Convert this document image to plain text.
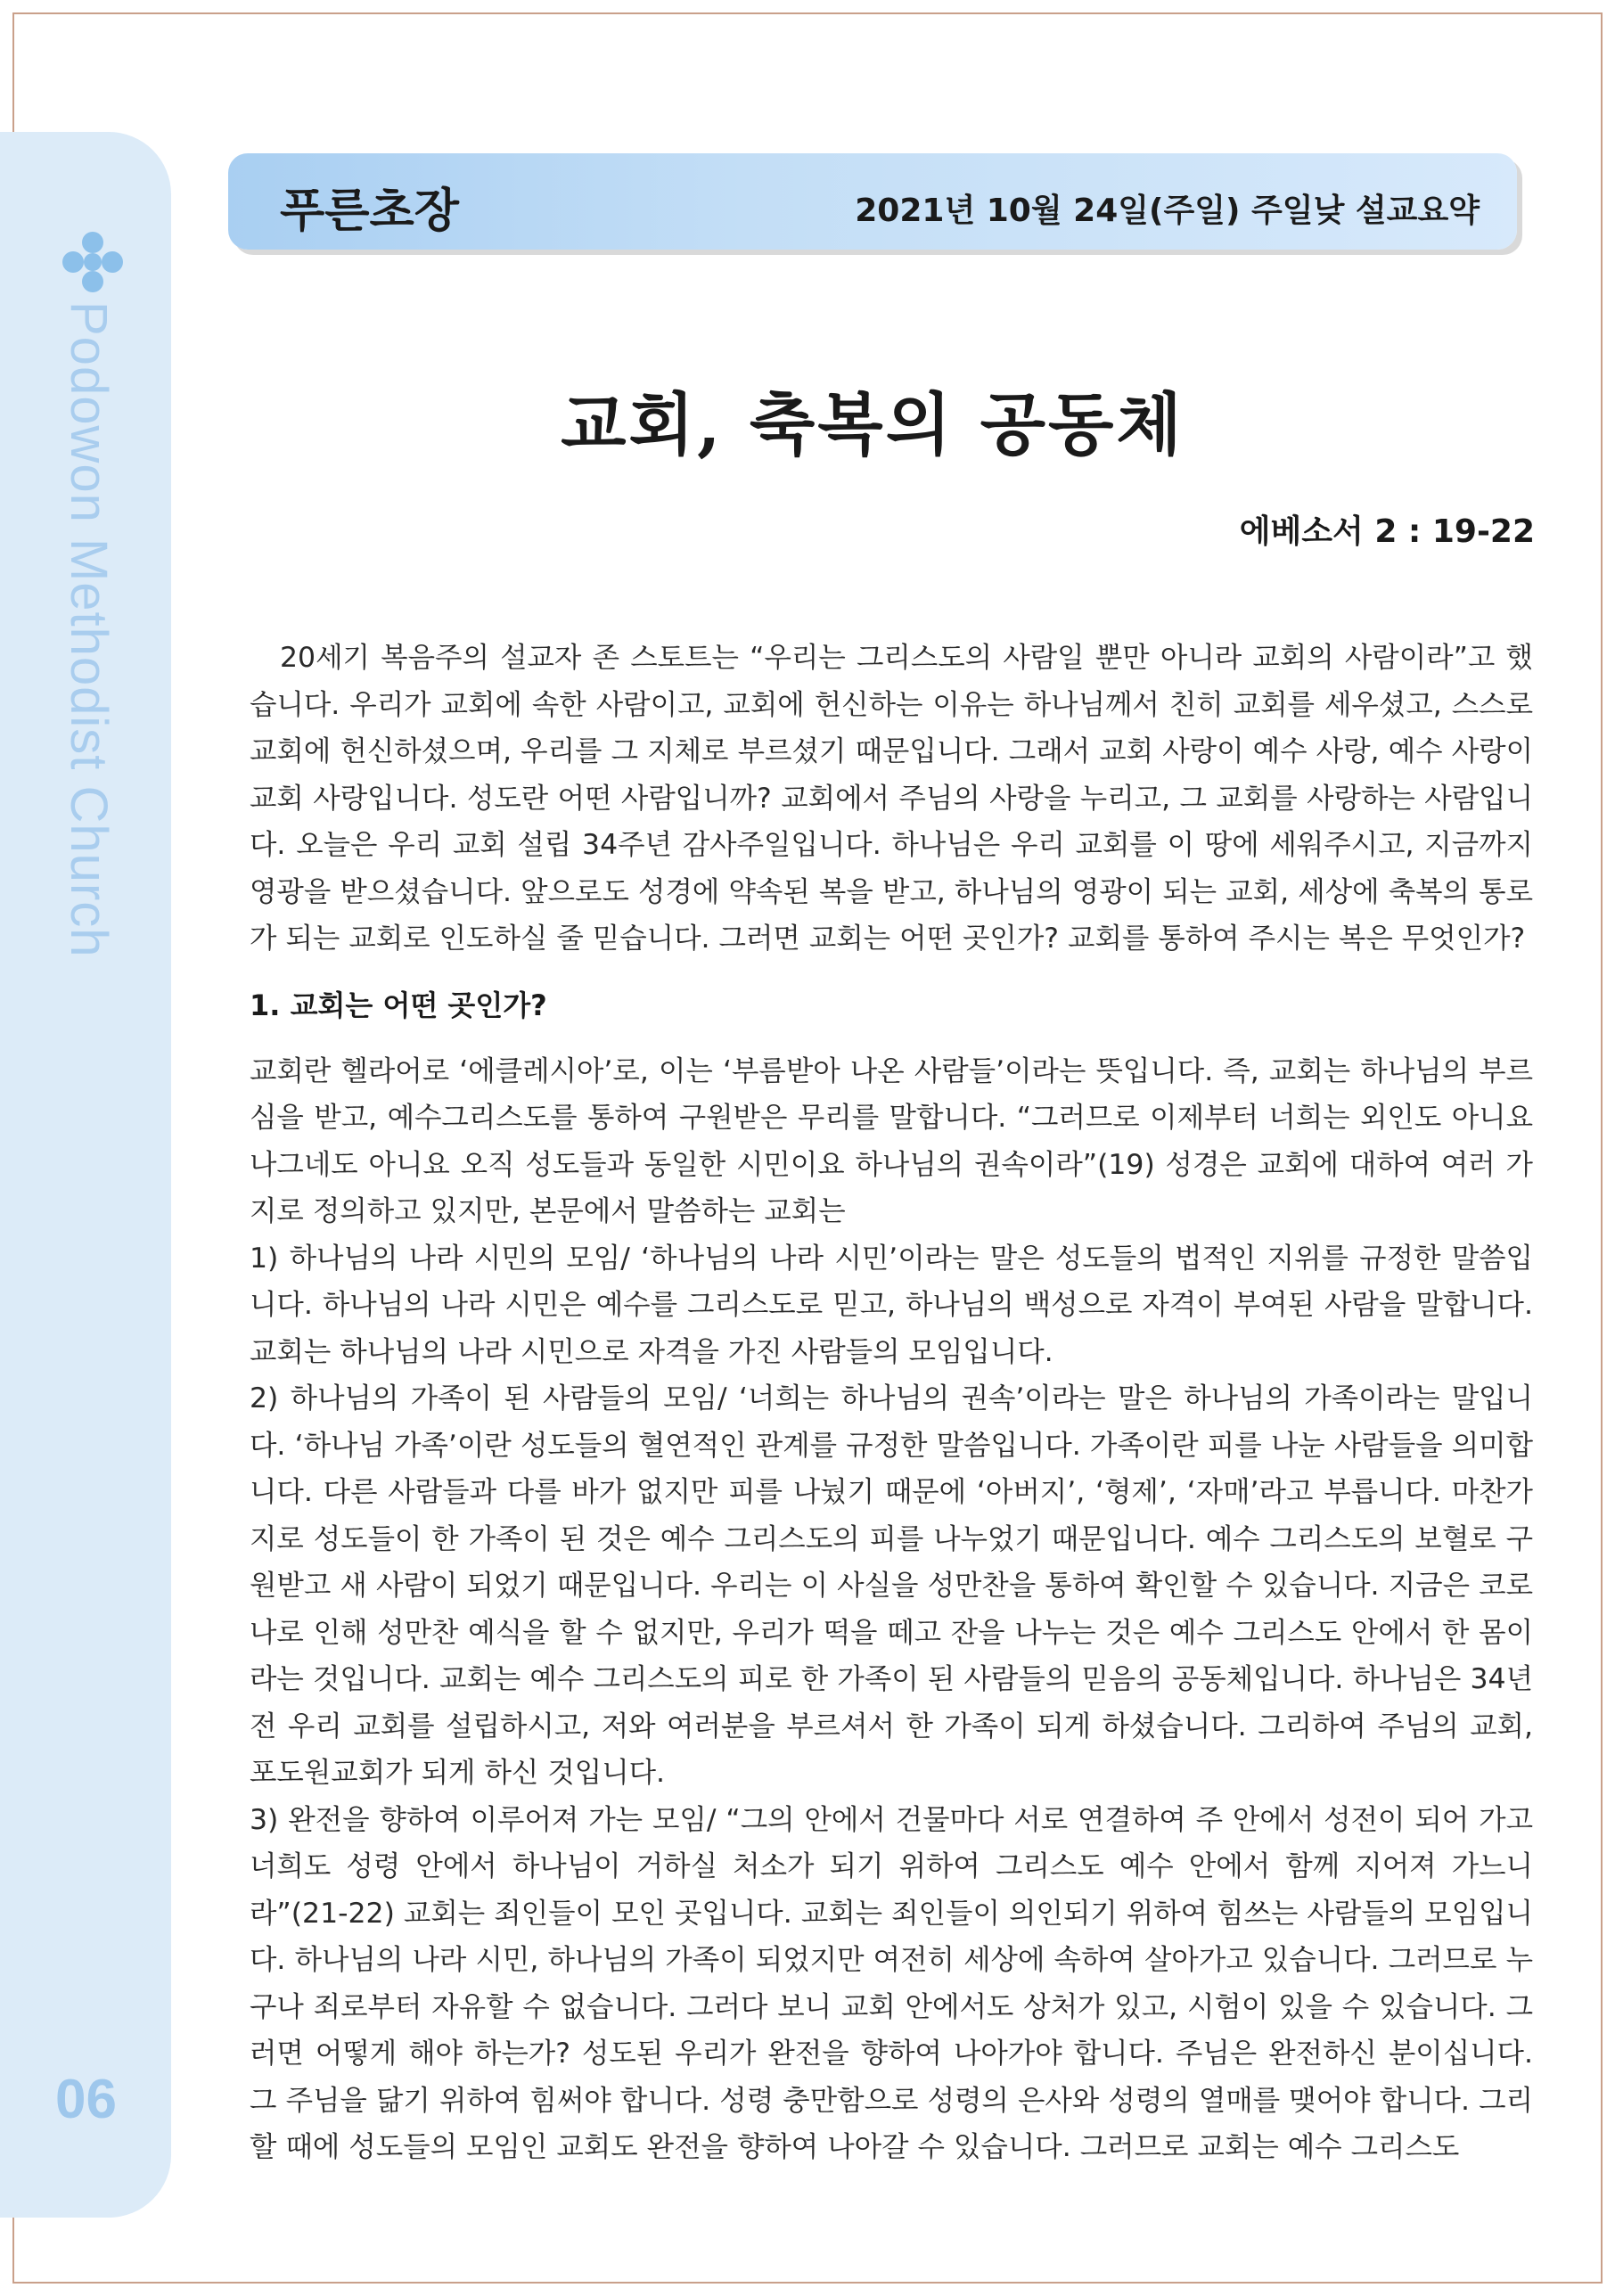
Podowon Methodist Church
06
푸른초장	2021년 10월 24일(주일) 주일낮 설교요약
교회, 축복의 공동체
에베소서 2 : 19-22

20세기 복음주의 설교자 존 스토트는 “우리는 그리스도의 사람일 뿐만 아니라 교회의 사람이라”고 했습니다. 우리가 교회에 속한 사람이고, 교회에 헌신하는 이유는 하나님께서 친히 교회를 세우셨고, 스스로 교회에 헌신하셨으며, 우리를 그 지체로 부르셨기 때문입니다. 그래서 교회 사랑이 예수 사랑, 예수 사랑이 교회 사랑입니다. 성도란 어떤 사람입니까? 교회에서 주님의 사랑을 누리고, 그 교회를 사랑하는 사람입니다. 오늘은 우리 교회 설립 34주년 감사주일입니다. 하나님은 우리 교회를 이 땅에 세워주시고, 지금까지 영광을 받으셨습니다. 앞으로도 성경에 약속된 복을 받고, 하나님의 영광이 되는 교회, 세상에 축복의 통로가 되는 교회로 인도하실 줄 믿습니다. 그러면 교회는 어떤 곳인가? 교회를 통하여 주시는 복은 무엇인가?

1. 교회는 어떤 곳인가?

교회란 헬라어로 ‘에클레시아’로, 이는 ‘부름받아 나온 사람들’이라는 뜻입니다. 즉, 교회는 하나님의 부르심을 받고, 예수그리스도를 통하여 구원받은 무리를 말합니다. “그러므로 이제부터 너희는 외인도 아니요 나그네도 아니요 오직 성도들과 동일한 시민이요 하나님의 권속이라”(19) 성경은 교회에 대하여 여러 가지로 정의하고 있지만, 본문에서 말씀하는 교회는

1) 하나님의 나라 시민의 모임/ ‘하나님의 나라 시민’이라는 말은 성도들의 법적인 지위를 규정한 말씀입니다. 하나님의 나라 시민은 예수를 그리스도로 믿고, 하나님의 백성으로 자격이 부여된 사람을 말합니다. 교회는 하나님의 나라 시민으로 자격을 가진 사람들의 모임입니다.

2) 하나님의 가족이 된 사람들의 모임/ ‘너희는 하나님의 권속’이라는 말은 하나님의 가족이라는 말입니다. ‘하나님 가족’이란 성도들의 혈연적인 관계를 규정한 말씀입니다. 가족이란 피를 나눈 사람들을 의미합니다. 다른 사람들과 다를 바가 없지만 피를 나눴기 때문에 ‘아버지’, ‘형제’, ‘자매’라고 부릅니다. 마찬가지로 성도들이 한 가족이 된 것은 예수 그리스도의 피를 나누었기 때문입니다. 예수 그리스도의 보혈로 구원받고 새 사람이 되었기 때문입니다. 우리는 이 사실을 성만찬을 통하여 확인할 수 있습니다. 지금은 코로나로 인해 성만찬 예식을 할 수 없지만, 우리가 떡을 떼고 잔을 나누는 것은 예수 그리스도 안에서 한 몸이라는 것입니다. 교회는 예수 그리스도의 피로 한 가족이 된 사람들의 믿음의 공동체입니다. 하나님은 34년전 우리 교회를 설립하시고, 저와 여러분을 부르셔서 한 가족이 되게 하셨습니다. 그리하여 주님의 교회, 포도원교회가 되게 하신 것입니다.

3) 완전을 향하여 이루어져 가는 모임/ “그의 안에서 건물마다 서로 연결하여 주 안에서 성전이 되어 가고 너희도 성령 안에서 하나님이 거하실 처소가 되기 위하여 그리스도 예수 안에서 함께 지어져 가느니라”(21-22) 교회는 죄인들이 모인 곳입니다. 교회는 죄인들이 의인되기 위하여 힘쓰는 사람들의 모임입니다. 하나님의 나라 시민, 하나님의 가족이 되었지만 여전히 세상에 속하여 살아가고 있습니다. 그러므로 누구나 죄로부터 자유할 수 없습니다. 그러다 보니 교회 안에서도 상처가 있고, 시험이 있을 수 있습니다. 그러면 어떻게 해야 하는가? 성도된 우리가 완전을 향하여 나아가야 합니다. 주님은 완전하신 분이십니다. 그 주님을 닮기 위하여 힘써야 합니다. 성령 충만함으로 성령의 은사와 성령의 열매를 맺어야 합니다. 그리할 때에 성도들의 모임인 교회도 완전을 향하여 나아갈 수 있습니다. 그러므로 교회는 예수 그리스도
